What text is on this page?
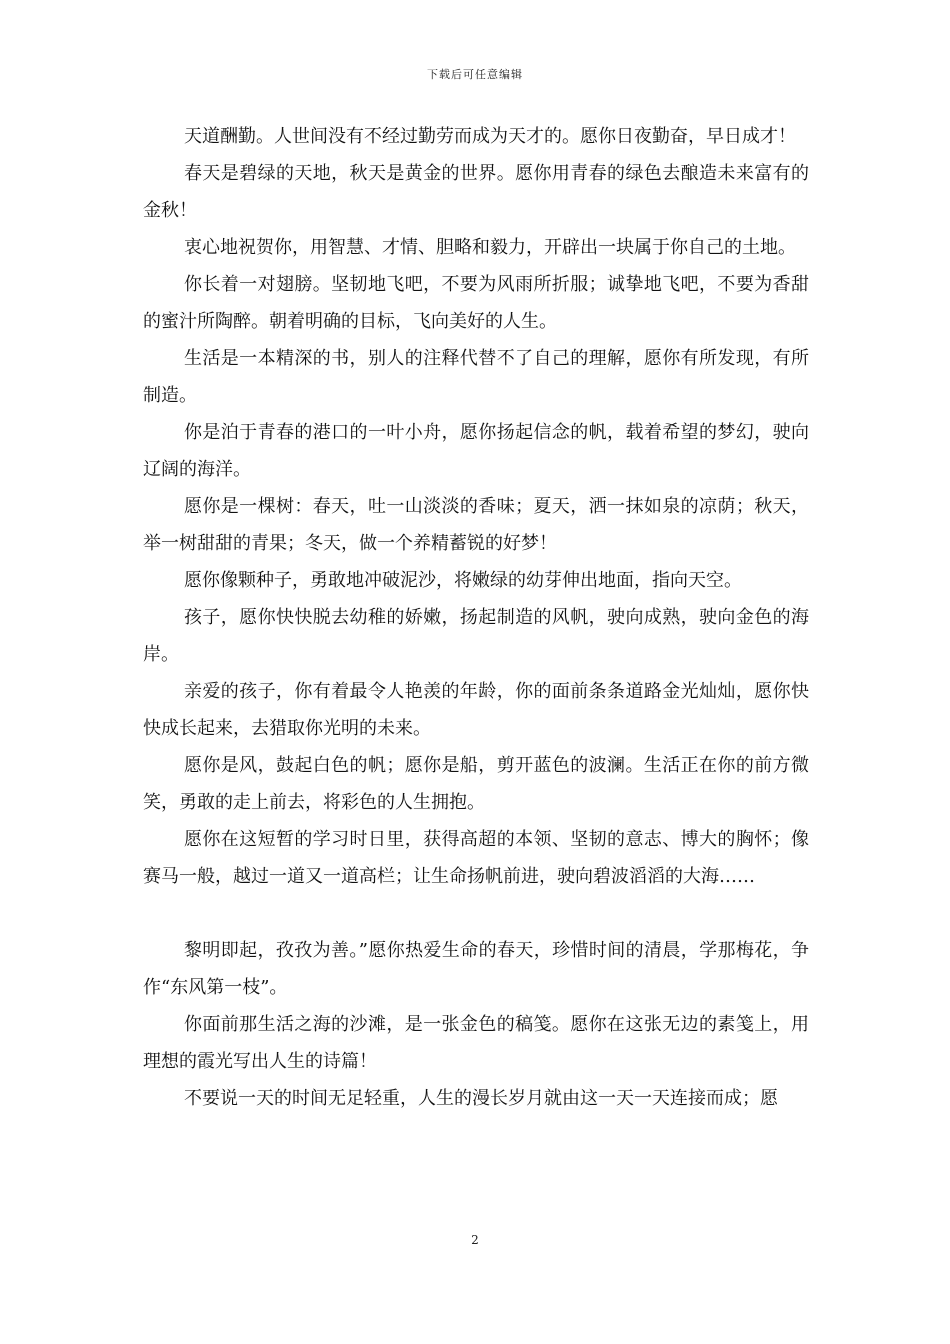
下载后可任意编辑

天道酬勤。人世间没有不经过勤劳而成为天才的。愿你日夜勤奋，早日成才！

春天是碧绿的天地，秋天是黄金的世界。愿你用青春的绿色去酿造未来富有的金秋！

衷心地祝贺你，用智慧、才情、胆略和毅力，开辟出一块属于你自己的土地。

你长着一对翅膀。坚韧地飞吧，不要为风雨所折服；诚挚地飞吧，不要为香甜的蜜汁所陶醉。朝着明确的目标，飞向美好的人生。

生活是一本精深的书，别人的注释代替不了自己的理解，愿你有所发现，有所制造。

你是泊于青春的港口的一叶小舟，愿你扬起信念的帆，载着希望的梦幻，驶向辽阔的海洋。

愿你是一棵树：春天，吐一山淡淡的香味；夏天，洒一抹如泉的凉荫；秋天，举一树甜甜的青果；冬天，做一个养精蓄锐的好梦！

愿你像颗种子，勇敢地冲破泥沙，将嫩绿的幼芽伸出地面，指向天空。

孩子，愿你快快脱去幼稚的娇嫩，扬起制造的风帆，驶向成熟，驶向金色的海岸。

亲爱的孩子，你有着最令人艳羡的年龄，你的面前条条道路金光灿灿，愿你快快成长起来，去猎取你光明的未来。

愿你是风，鼓起白色的帆；愿你是船，剪开蓝色的波澜。生活正在你的前方微笑，勇敢的走上前去，将彩色的人生拥抱。

愿你在这短暂的学习时日里，获得高超的本领、坚韧的意志、博大的胸怀；像赛马一般，越过一道又一道高栏；让生命扬帆前进，驶向碧波滔滔的大海……

黎明即起，孜孜为善。”愿你热爱生命的春天，珍惜时间的清晨，学那梅花，争作“东风第一枝”。

你面前那生活之海的沙滩，是一张金色的稿笺。愿你在这张无边的素笺上，用理想的霞光写出人生的诗篇！

不要说一天的时间无足轻重，人生的漫长岁月就由这一天一天连接而成；愿

2
